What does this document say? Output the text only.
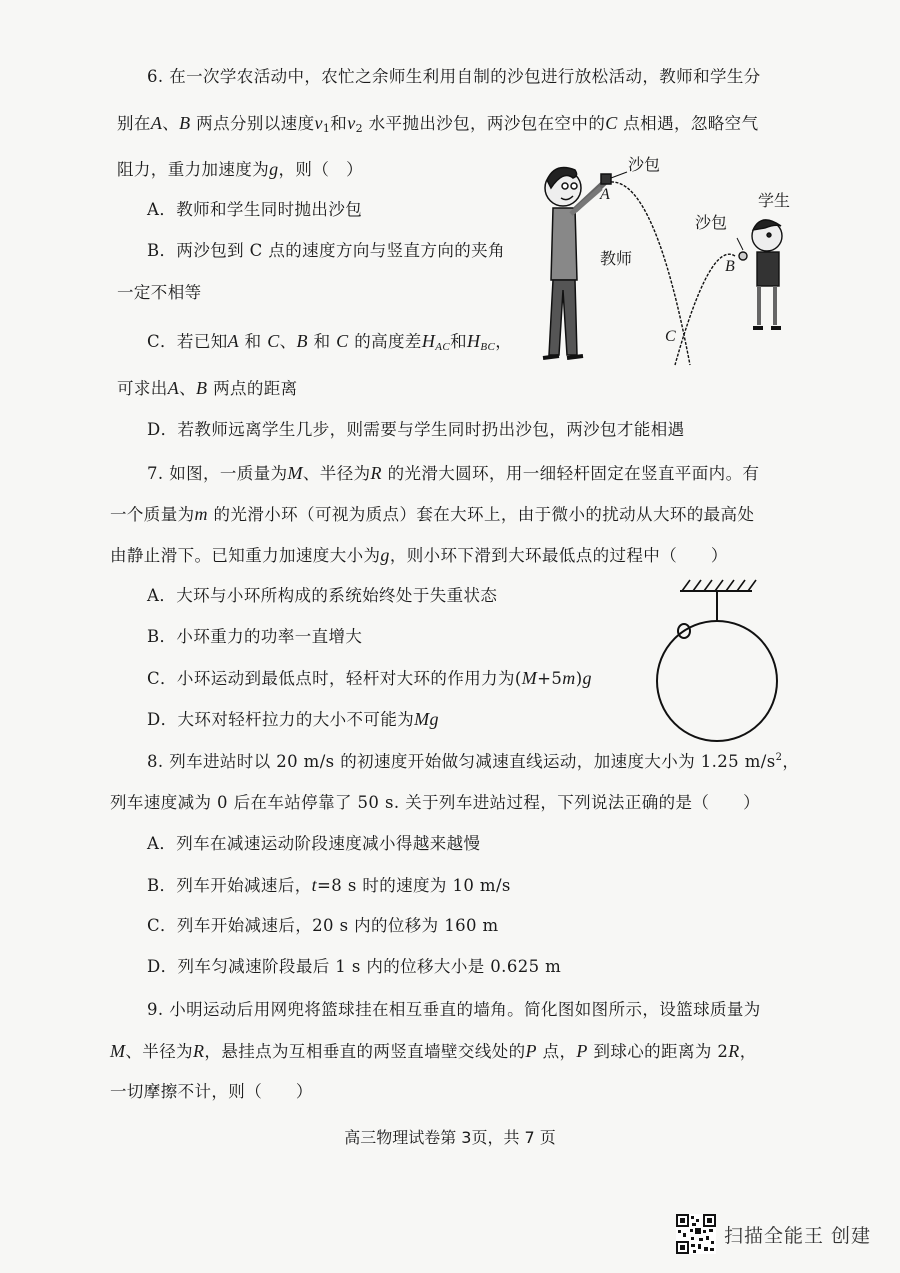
6. 在一次学农活动中，农忙之余师生利用自制的沙包进行放松活动，教师和学生分
别在A、B 两点分别以速度$v_1$和$v_2$ 水平抛出沙包，两沙包在空中的C 点相遇，忽略空气
阻力，重力加速度为g，则（　）
A．教师和学生同时抛出沙包
B．两沙包到 C 点的速度方向与竖直方向的夹角
一定不相等
C．若已知A 和 C、B 和 C 的高度差$H_{AC}$和$H_{BC}$，
可求出A、B 两点的距离
D．若教师远离学生几步，则需要与学生同时扔出沙包，两沙包才能相遇
沙包
A	学生
沙包
教师	B
C
7. 如图，一质量为M、半径为R 的光滑大圆环，用一细轻杆固定在竖直平面内。有
一个质量为m 的光滑小环（可视为质点）套在大环上，由于微小的扰动从大环的最高处
由静止滑下。已知重力加速度大小为g，则小环下滑到大环最低点的过程中（　　）
A．大环与小环所构成的系统始终处于失重状态
B．小环重力的功率一直增大
C．小环运动到最低点时，轻杆对大环的作用力为(M+5m)g
D．大环对轻杆拉力的大小不可能为Mg
8. 列车进站时以 20 m/s 的初速度开始做匀减速直线运动，加速度大小为 1.25 $m/s^2$，
列车速度减为 0 后在车站停靠了 50 s. 关于列车进站过程，下列说法正确的是（　　）
A．列车在减速运动阶段速度减小得越来越慢
B．列车开始减速后，t=8 s 时的速度为 10 m/s
C．列车开始减速后，20 s 内的位移为 160 m
D．列车匀减速阶段最后 1 s 内的位移大小是 0.625 m
9. 小明运动后用网兜将篮球挂在相互垂直的墙角。简化图如图所示，设篮球质量为
M、半径为R，悬挂点为互相垂直的两竖直墙壁交线处的P 点，P 到球心的距离为 2R，
一切摩擦不计，则（　　）
高三物理试卷第 3页，共 7 页
扫描全能王 创建
